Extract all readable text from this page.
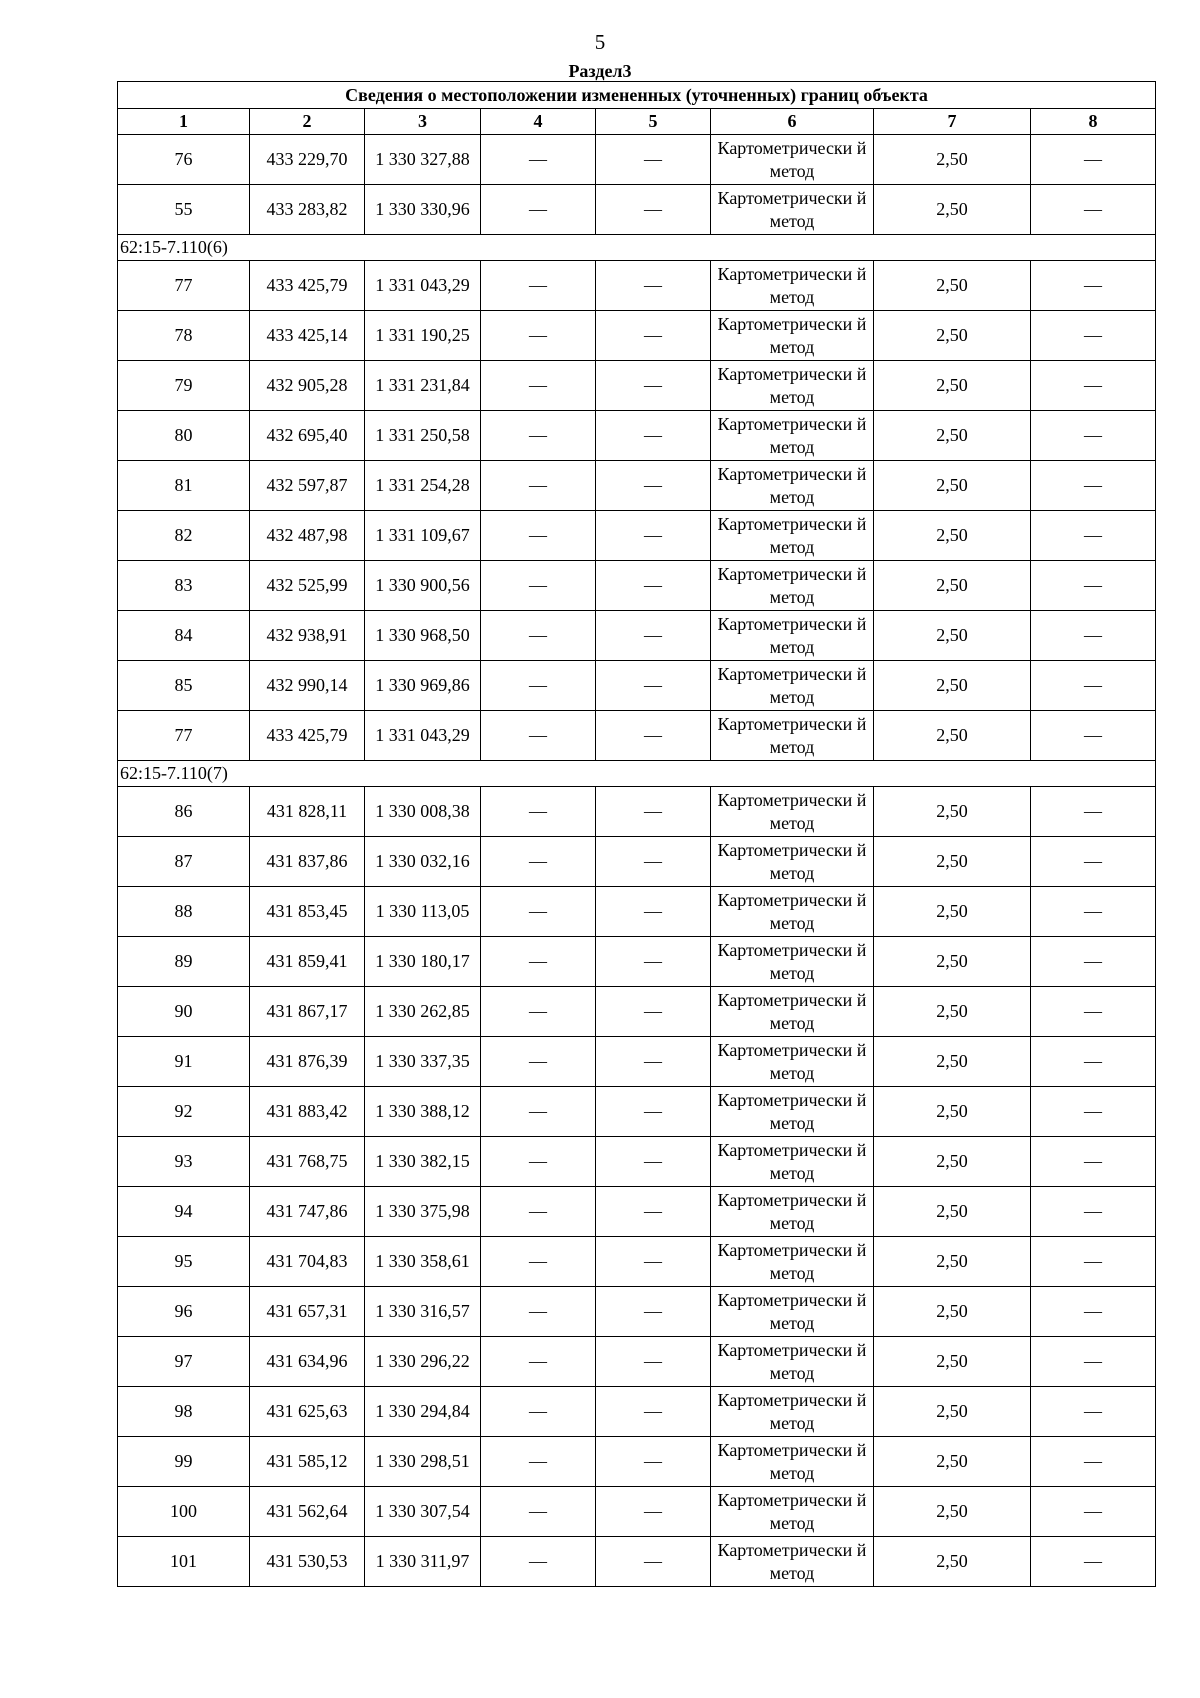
5
Раздел3
Сведения о местоположении измененных (уточненных) границ объекта							
1	2	3	4	5	6	7	8
76	433 229,70	1 330 327,88	—	—	Картометрически й метод	2,50	—
55	433 283,82	1 330 330,96	—	—	Картометрически й метод	2,50	—
62:15-7.110(6)							
77	433 425,79	1 331 043,29	—	—	Картометрически й метод	2,50	—
78	433 425,14	1 331 190,25	—	—	Картометрически й метод	2,50	—
79	432 905,28	1 331 231,84	—	—	Картометрически й метод	2,50	—
80	432 695,40	1 331 250,58	—	—	Картометрически й метод	2,50	—
81	432 597,87	1 331 254,28	—	—	Картометрически й метод	2,50	—
82	432 487,98	1 331 109,67	—	—	Картометрически й метод	2,50	—
83	432 525,99	1 330 900,56	—	—	Картометрически й метод	2,50	—
84	432 938,91	1 330 968,50	—	—	Картометрически й метод	2,50	—
85	432 990,14	1 330 969,86	—	—	Картометрически й метод	2,50	—
77	433 425,79	1 331 043,29	—	—	Картометрически й метод	2,50	—
62:15-7.110(7)							
86	431 828,11	1 330 008,38	—	—	Картометрически й метод	2,50	—
87	431 837,86	1 330 032,16	—	—	Картометрически й метод	2,50	—
88	431 853,45	1 330 113,05	—	—	Картометрически й метод	2,50	—
89	431 859,41	1 330 180,17	—	—	Картометрически й метод	2,50	—
90	431 867,17	1 330 262,85	—	—	Картометрически й метод	2,50	—
91	431 876,39	1 330 337,35	—	—	Картометрически й метод	2,50	—
92	431 883,42	1 330 388,12	—	—	Картометрически й метод	2,50	—
93	431 768,75	1 330 382,15	—	—	Картометрически й метод	2,50	—
94	431 747,86	1 330 375,98	—	—	Картометрически й метод	2,50	—
95	431 704,83	1 330 358,61	—	—	Картометрически й метод	2,50	—
96	431 657,31	1 330 316,57	—	—	Картометрически й метод	2,50	—
97	431 634,96	1 330 296,22	—	—	Картометрически й метод	2,50	—
98	431 625,63	1 330 294,84	—	—	Картометрически й метод	2,50	—
99	431 585,12	1 330 298,51	—	—	Картометрически й метод	2,50	—
100	431 562,64	1 330 307,54	—	—	Картометрически й метод	2,50	—
101	431 530,53	1 330 311,97	—	—	Картометрически й метод	2,50	—
